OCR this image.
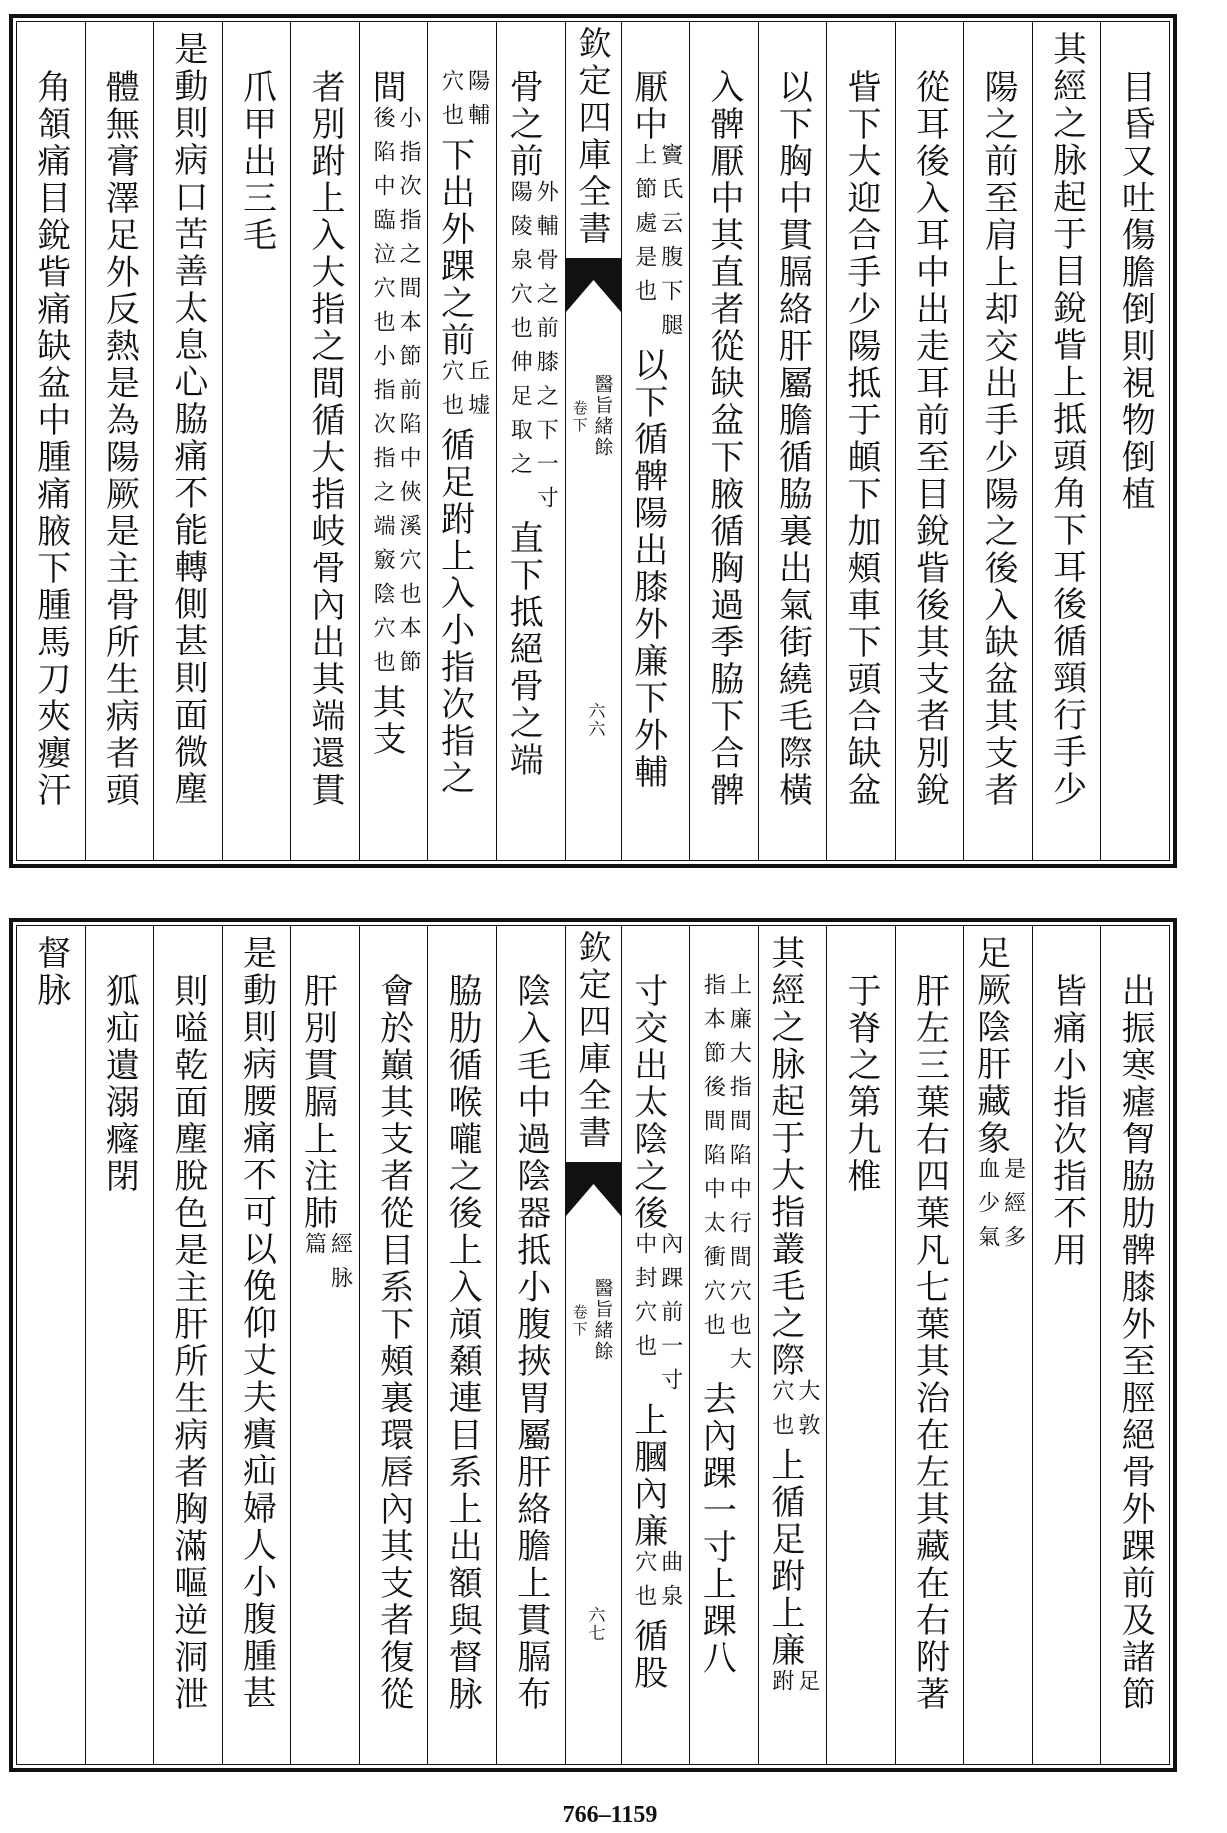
目昏又吐傷膽倒則視物倒植
其經之脉起于目銳眥上抵頭角下耳後循頸行手少
陽之前至肩上却交出手少陽之後入缺盆其支者
從耳後入耳中出走耳前至目銳眥後其支者別銳
眥下大迎合手少陽抵于頔下加頰車下頭合缺盆
以下胸中貫膈絡肝屬膽循脇裏出氣街繞毛際橫
入髀厭中其直者從缺盆下腋循胸過季脇下合髀
厭中
竇氏云腹下腿
上節處是也
以下循髀陽出膝外廉下外輔
欽定四庫全書
醫旨緒餘
卷下
六六
骨之前
外輔骨之前膝之下一寸
陽陵泉穴也伸足取之
直下抵絕骨之端
陽輔
穴也
下出外踝之前
丘墟
穴也
循足跗上入小指次指之
間
小指次指之間本節前陷中俠溪穴也本節
後陷中臨泣穴也小指次指之端竅陰穴也
其支
者別跗上入大指之間循大指岐骨內出其端還貫
爪甲出三毛
是動則病口苦善太息心脇痛不能轉側甚則面微塵
體無膏澤足外反熱是為陽厥是主骨所生病者頭
角頷痛目銳眥痛缺盆中腫痛腋下腫馬刀夾癭汗
出振寒瘧胷脇肋髀膝外至脛絕骨外踝前及諸節
皆痛小指次指不用
足厥陰肝藏象
是經多
血少氣
肝左三葉右四葉凡七葉其治在左其藏在右附著
于脊之第九椎
其經之脉起于大指叢毛之際
大敦
穴也
上循足跗上廉
足
跗
上廉大指間陷中行間穴也大
指本節後間陷中太衝穴也
去內踝一寸上踝八
寸交出太陰之後
內踝前一寸
中封穴也
上膕內廉
曲泉
穴也
循股
欽定四庫全書
醫旨緒餘
卷下
六七
陰入毛中過陰器抵小腹挾胃屬肝絡膽上貫膈布
脇肋循喉嚨之後上入頏顙連目系上出額與督脉
會於巔其支者從目系下頰裏環唇內其支者復從
肝別貫膈上注肺
經脉
篇
是動則病腰痛不可以俛仰丈夫㿉疝婦人小腹腫甚
則嗌乾面塵脫色是主肝所生病者胸滿嘔逆洞泄
狐疝遺溺癃閉
督脉
766–1159
